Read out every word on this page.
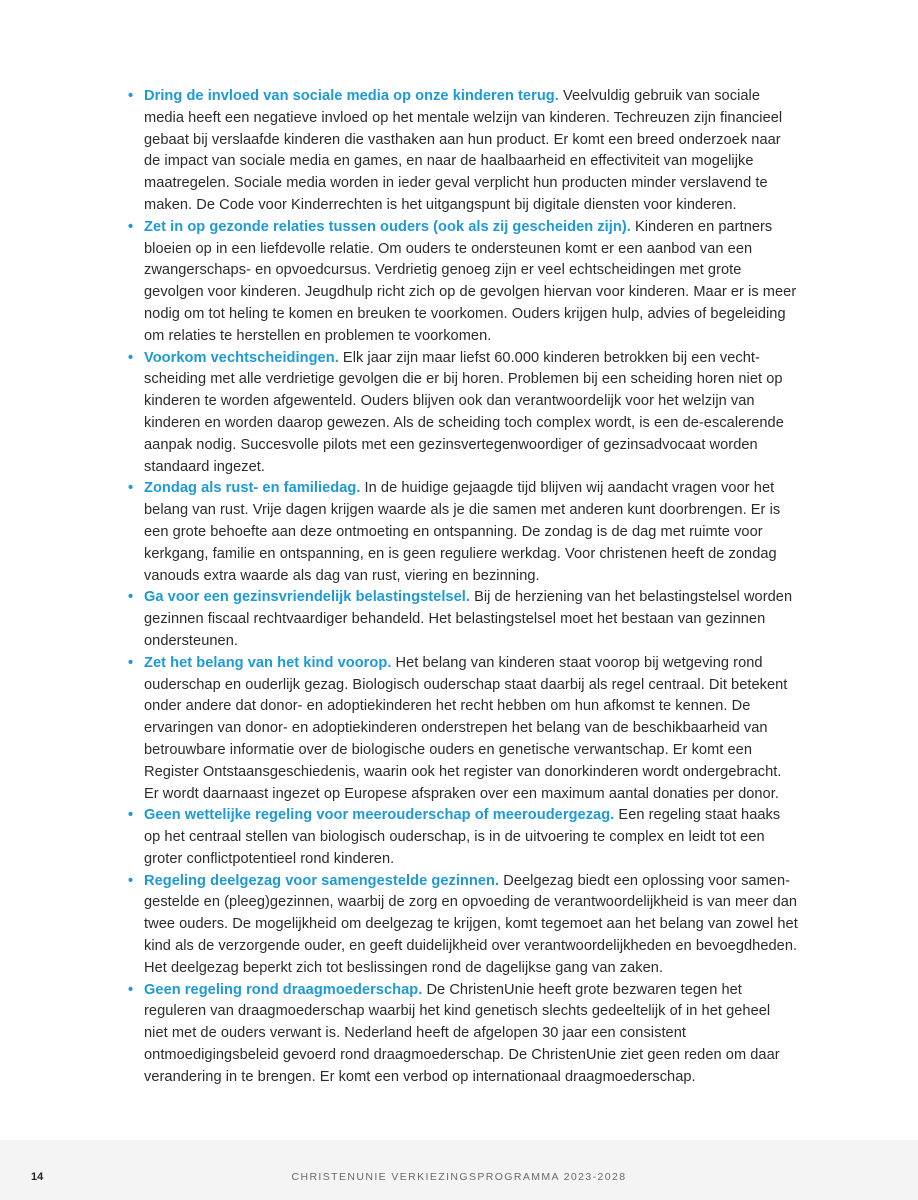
• Dring de invloed van sociale media op onze kinderen terug. Veelvuldig gebruik van sociale media heeft een negatieve invloed op het mentale welzijn van kinderen. Techreuzen zijn financieel gebaat bij verslaafde kinderen die vasthaken aan hun product. Er komt een breed onderzoek naar de impact van sociale media en games, en naar de haalbaarheid en effectiviteit van mogelijke maatregelen. Sociale media worden in ieder geval verplicht hun producten minder verslavend te maken. De Code voor Kinderrechten is het uitgangspunt bij digitale diensten voor kinderen.
• Zet in op gezonde relaties tussen ouders (ook als zij gescheiden zijn). Kinderen en partners bloeien op in een liefdevolle relatie. Om ouders te ondersteunen komt er een aanbod van een zwangerschaps- en opvoedcursus. Verdrietig genoeg zijn er veel echtscheidingen met grote gevolgen voor kinderen. Jeugdhulp richt zich op de gevolgen hiervan voor kinderen. Maar er is meer nodig om tot heling te komen en breuken te voorkomen. Ouders krijgen hulp, advies of begeleiding om relaties te herstellen en problemen te voorkomen.
• Voorkom vechtscheidingen. Elk jaar zijn maar liefst 60.000 kinderen betrokken bij een vechtscheiding met alle verdrietige gevolgen die er bij horen. Problemen bij een scheiding horen niet op kinderen te worden afgewenteld. Ouders blijven ook dan verantwoordelijk voor het welzijn van kinderen en worden daarop gewezen. Als de scheiding toch complex wordt, is een de-escalerende aanpak nodig. Succesvolle pilots met een gezinsvertegenwoordiger of gezinsadvocaat worden standaard ingezet.
• Zondag als rust- en familiedag. In de huidige gejaagde tijd blijven wij aandacht vragen voor het belang van rust. Vrije dagen krijgen waarde als je die samen met anderen kunt doorbrengen. Er is een grote behoefte aan deze ontmoeting en ontspanning. De zondag is de dag met ruimte voor kerkgang, familie en ontspanning, en is geen reguliere werkdag. Voor christenen heeft de zondag vanouds extra waarde als dag van rust, viering en bezinning.
• Ga voor een gezinsvriendelijk belastingstelsel. Bij de herziening van het belastingstelsel worden gezinnen fiscaal rechtvaardiger behandeld. Het belastingstelsel moet het bestaan van gezinnen ondersteunen.
• Zet het belang van het kind voorop. Het belang van kinderen staat voorop bij wetgeving rond ouderschap en ouderlijk gezag. Biologisch ouderschap staat daarbij als regel centraal. Dit betekent onder andere dat donor- en adoptiekinderen het recht hebben om hun afkomst te kennen. De ervaringen van donor- en adoptiekinderen onderstrepen het belang van de beschikbaarheid van betrouwbare informatie over de biologische ouders en genetische verwantschap. Er komt een Register Ontstaansgeschiedenis, waarin ook het register van donorkinderen wordt ondergebracht. Er wordt daarnaast ingezet op Europese afspraken over een maximum aantal donaties per donor.
• Geen wettelijke regeling voor meerouderschap of meeroudergezag. Een regeling staat haaks op het centraal stellen van biologisch ouderschap, is in de uitvoering te complex en leidt tot een groter conflictpotentieel rond kinderen.
• Regeling deelgezag voor samengestelde gezinnen. Deelgezag biedt een oplossing voor samengestelde en (pleeg)gezinnen, waarbij de zorg en opvoeding de verantwoordelijkheid is van meer dan twee ouders. De mogelijkheid om deelgezag te krijgen, komt tegemoet aan het belang van zowel het kind als de verzorgende ouder, en geeft duidelijkheid over verantwoordelijkheden en bevoegdheden. Het deelgezag beperkt zich tot beslissingen rond de dagelijkse gang van zaken.
• Geen regeling rond draagmoederschap. De ChristenUnie heeft grote bezwaren tegen het reguleren van draagmoederschap waarbij het kind genetisch slechts gedeeltelijk of in het geheel niet met de ouders verwant is. Nederland heeft de afgelopen 30 jaar een consistent ontmoedigingsbeleid gevoerd rond draagmoederschap. De ChristenUnie ziet geen reden om daar verandering in te brengen. Er komt een verbod op internationaal draagmoederschap.
14	CHRISTENUNIE VERKIEZINGSPROGRAMMA 2023-2028
